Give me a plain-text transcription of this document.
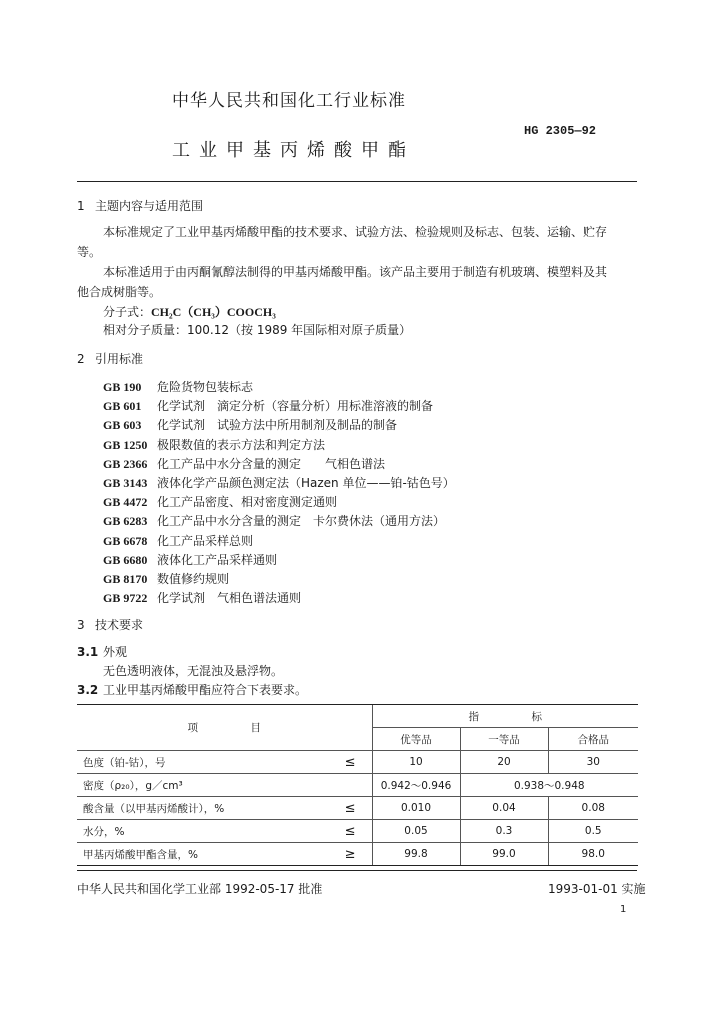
中华人民共和国化工行业标准
HG 2305—92
工业甲基丙烯酸甲酯
1 主题内容与适用范围
本标准规定了工业甲基丙烯酸甲酯的技术要求、试验方法、检验规则及标志、包装、运输、贮存
等。
本标准适用于由丙酮氰醇法制得的甲基丙烯酸甲酯。该产品主要用于制造有机玻璃、模塑料及其
他合成树脂等。
分子式：CH₂C（CH₃）COOCH₃
相对分子质量：100.12（按 1989 年国际相对原子质量）
2 引用标准
GB 190 危险货物包装标志
GB 601 化学试剂　滴定分析（容量分析）用标准溶液的制备
GB 603 化学试剂　试验方法中所用制剂及制品的制备
GB 1250 极限数值的表示方法和判定方法
GB 2366 化工产品中水分含量的测定　　气相色谱法
GB 3143 液体化学产品颜色测定法（Hazen 单位——铂-钴色号）
GB 4472 化工产品密度、相对密度测定通则
GB 6283 化工产品中水分含量的测定　卡尔费休法（通用方法）
GB 6678 化工产品采样总则
GB 6680 液体化工产品采样通则
GB 8170 数值修约规则
GB 9722 化学试剂　气相色谱法通则
3 技术要求
3.1 外观
无色透明液体，无混浊及悬浮物。
3.2 工业甲基丙烯酸甲酯应符合下表要求。
项　　　　　目		指　　　　　标		
		优等品	一等品	合格品
色度（铂-钴），号	≤	10	20	30
密度（ρ₂₀），g／cm³		0.942～0.946	0.938～0.948	
酸含量（以甲基丙烯酸计），%	≤	0.010	0.04	0.08
水分，%	≤	0.05	0.3	0.5
甲基丙烯酸甲酯含量，%	≥	99.8	99.0	98.0
中华人民共和国化学工业部 1992-05-17 批准	1993-01-01 实施
1
